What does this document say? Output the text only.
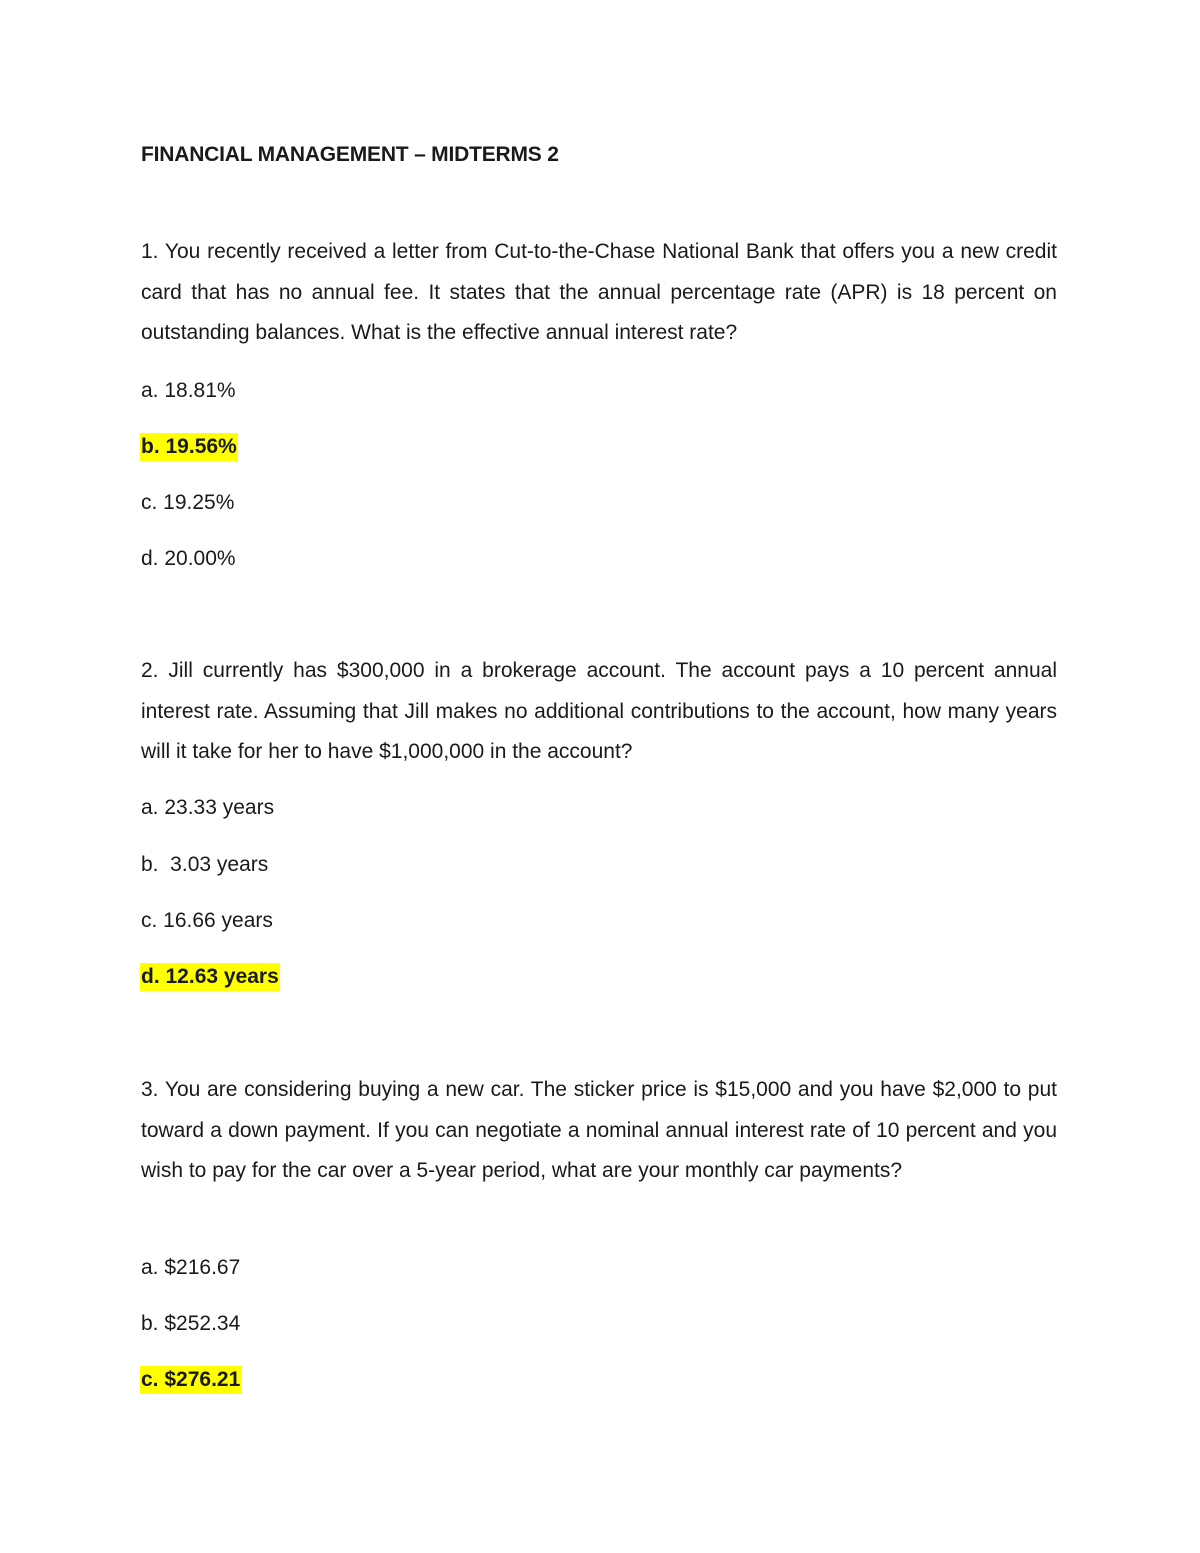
FINANCIAL MANAGEMENT – MIDTERMS 2

1. You recently received a letter from Cut-to-the-Chase National Bank that offers you a new credit card that has no annual fee. It states that the annual percentage rate (APR) is 18 percent on outstanding balances. What is the effective annual interest rate?

a. 18.81%
b. 19.56%
c. 19.25%
d. 20.00%

2. Jill currently has $300,000 in a brokerage account. The account pays a 10 percent annual interest rate. Assuming that Jill makes no additional contributions to the account, how many years will it take for her to have $1,000,000 in the account?

a. 23.33 years
b.  3.03 years
c. 16.66 years
d. 12.63 years

3. You are considering buying a new car. The sticker price is $15,000 and you have $2,000 to put toward a down payment. If you can negotiate a nominal annual interest rate of 10 percent and you wish to pay for the car over a 5-year period, what are your monthly car payments?

a. $216.67
b. $252.34
c. $276.21
